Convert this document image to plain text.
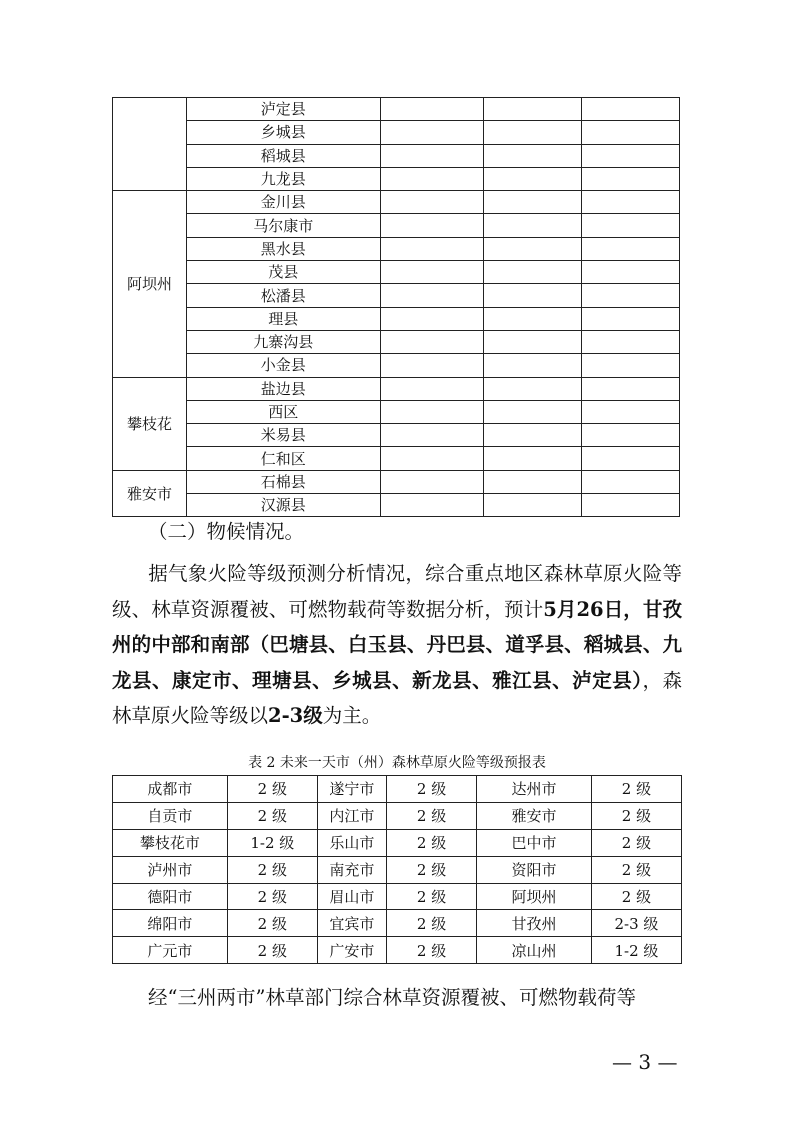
	泸定县			
	乡城县			
	稻城县			
	九龙县			
阿坝州	金川县			
	马尔康市			
	黑水县			
	茂县			
	松潘县			
	理县			
	九寨沟县			
	小金县			
攀枝花	盐边县			
	西区			
	米易县			
	仁和区			
雅安市	石棉县			
	汉源县			
（二）物候情况。
据气象火险等级预测分析情况，综合重点地区森林草原火险等级、林草资源覆被、可燃物载荷等数据分析，预计5月26日，甘孜州的中部和南部（巴塘县、白玉县、丹巴县、道孚县、稻城县、九龙县、康定市、理塘县、乡城县、新龙县、雅江县、泸定县），森林草原火险等级以2-3级为主。
表 2 未来一天市（州）森林草原火险等级预报表
成都市	2 级	遂宁市	2 级	达州市	2 级
自贡市	2 级	内江市	2 级	雅安市	2 级
攀枝花市	1-2 级	乐山市	2 级	巴中市	2 级
泸州市	2 级	南充市	2 级	资阳市	2 级
德阳市	2 级	眉山市	2 级	阿坝州	2 级
绵阳市	2 级	宜宾市	2 级	甘孜州	2-3 级
广元市	2 级	广安市	2 级	凉山州	1-2 级
经“三州两市”林草部门综合林草资源覆被、可燃物载荷等
— 3 —
